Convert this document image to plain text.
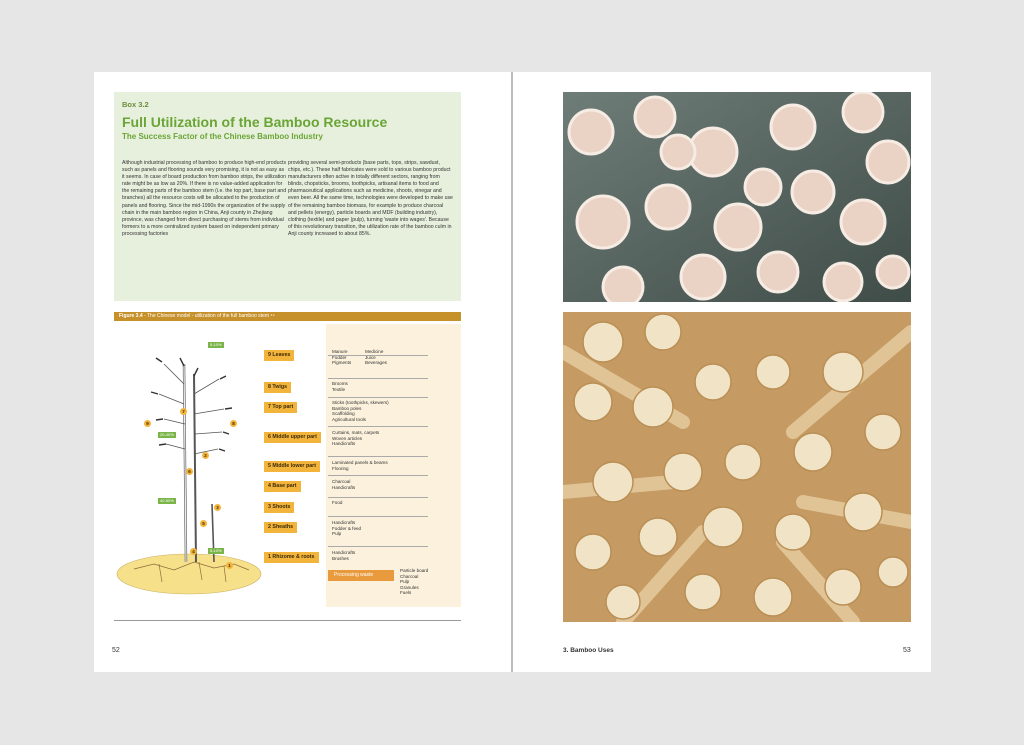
Box 3.2
Full Utilization of the Bamboo Resource
The Success Factor of the Chinese Bamboo Industry
Although industrial processing of bamboo to produce high-end products such as panels and flooring sounds very promising, it is not as easy as it seems. In case of board production from bamboo strips, the utilization rate might be as low as 20%. If there is no value-added application for the remaining parts of the bamboo stem (i.e. the top part, base part and branches) all the resource costs will be allocated to the production of panels and flooring. Since the mid-1990s the organization of the supply chain in the main bamboo region in China, Anji county in Zhejiang province, was changed from direct purchasing of stems from individual formers to a more centralized system based on independent primary processing factories
providing several semi-products (base parts, tops, strips, sawdust, chips, etc.). These half fabricates were sold to various bamboo product manufacturers often active in totally different sectors, ranging from blinds, chopsticks, brooms, toothpicks, artisanal items to food and pharmaceutical applications such as medicine, shoots, vinegar and even beer. All the same time, technologies were developed to make use of the remaining bamboo biomass, for example to produce charcoal and pellets (energy), particle boards and MDF (building industry), clothing (textile) and paper (pulp), turning 'waste into wages'. Because of this revolutionary transition, the utilization rate of the bamboo culm in Anji county increased to about 85%.
Figure 3.4 - The Chinese model - utilization of the full bamboo stem ⁴⁴
5-10%
20-40%
40-50%
5-10%
9	8
7
6
5
4
3
2
1
9 Leaves
Manure
Fodder
Pigments
Medicine
Juice
Beverages
8 Twigs
Brooms
Textile
7 Top part
Sticks (toothpicks, skewers)
Bamboo poles
Scaffolding
Agricultural tools
6 Middle upper part
Curtains, mats, carpets
Woven articles
Handicrafts
5 Middle lower part
Laminated panels & beams
Flooring
4 Base part
Charcoal
Handicrafts
3 Shoots
Food
2 Sheaths
Handicrafts
Fodder & feed
Pulp
1 Rhizome & roots
Handicrafts
Brushes
Processing waste
Particle board
Charcoal
Pulp
Granules
Fuels
52	3. Bamboo Uses	53
